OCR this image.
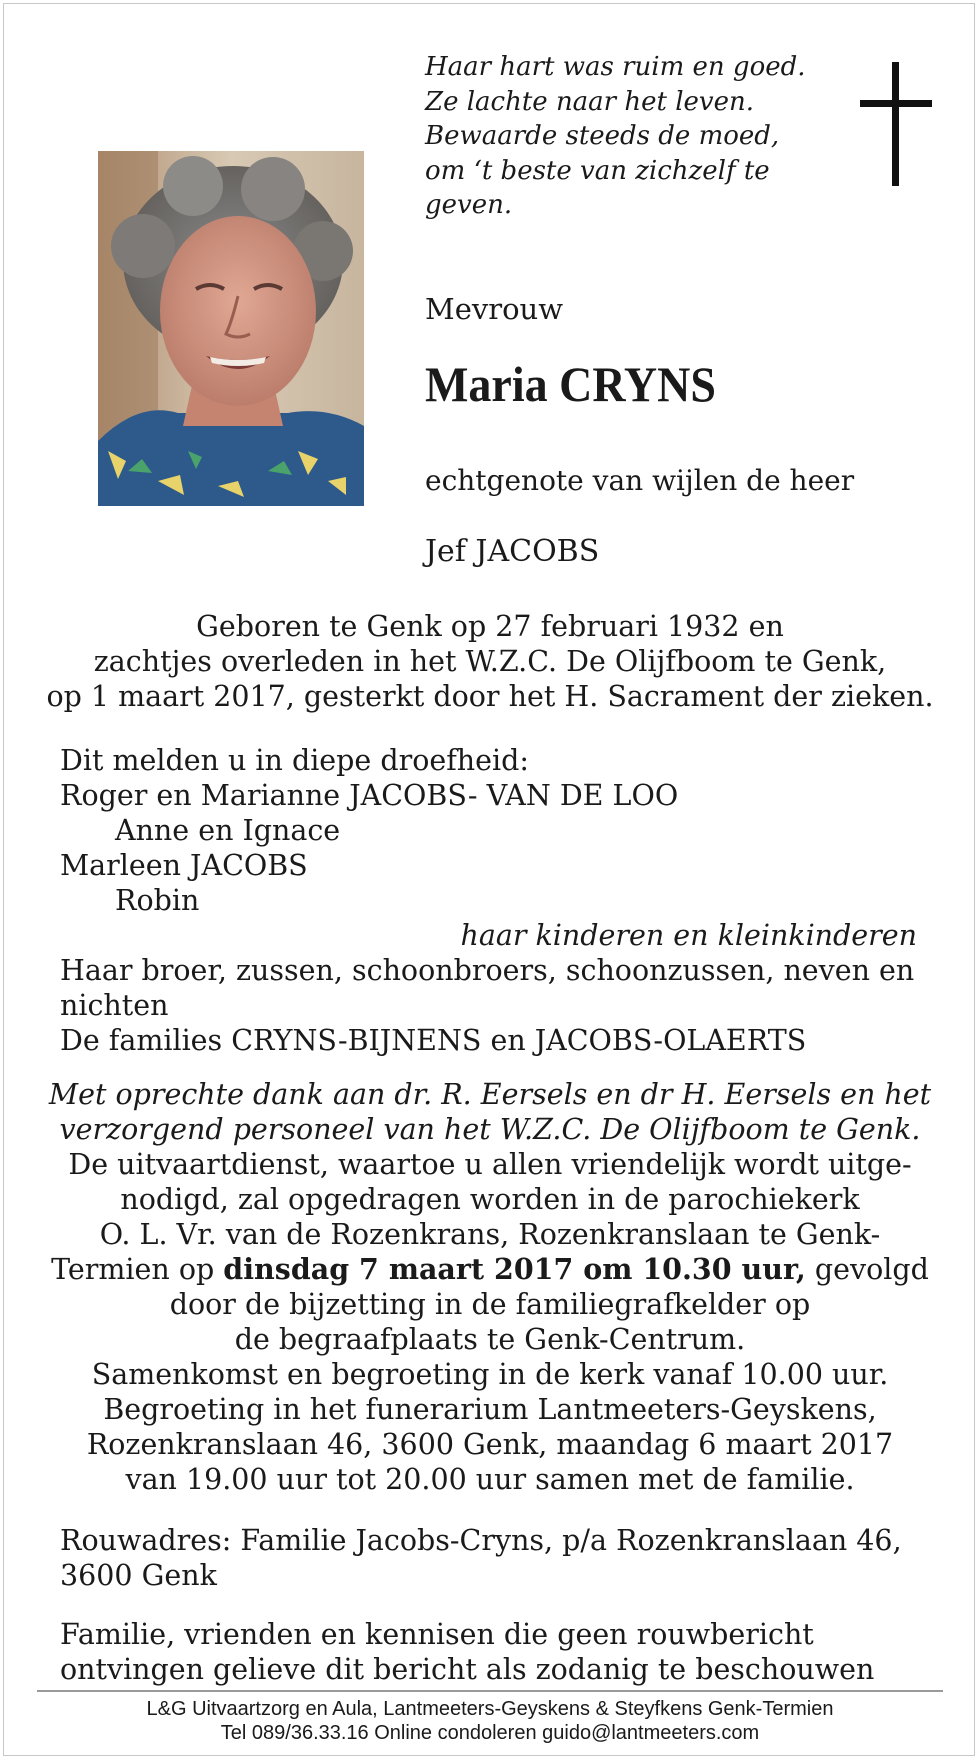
Haar hart was ruim en goed.
Ze lachte naar het leven.
Bewaarde steeds de moed,
om ‘t beste van zichzelf te
geven.
Mevrouw
Maria CRYNS
echtgenote van wijlen de heer
Jef JACOBS
Geboren te Genk op 27 februari 1932 en
zachtjes overleden in het W.Z.C. De Olijfboom te Genk,
op 1 maart 2017, gesterkt door het H. Sacrament der zieken.
Dit melden u in diepe droefheid:
Roger en Marianne JACOBS- VAN DE LOO
Anne en Ignace
Marleen JACOBS
Robin
haar kinderen en kleinkinderen
Haar broer, zussen, schoonbroers, schoonzussen, neven en
nichten
De families CRYNS-BIJNENS en JACOBS-OLAERTS
Met oprechte dank aan dr. R. Eersels en dr H. Eersels en het
verzorgend personeel van het W.Z.C. De Olijfboom te Genk.
De uitvaartdienst, waartoe u allen vriendelijk wordt uitge-
nodigd, zal opgedragen worden in de parochiekerk
O. L. Vr. van de Rozenkrans, Rozenkranslaan te Genk-
Termien op dinsdag 7 maart 2017 om 10.30 uur, gevolgd
door de bijzetting in de familiegrafkelder op
de begraafplaats te Genk-Centrum.
Samenkomst en begroeting in de kerk vanaf 10.00 uur.
Begroeting in het funerarium Lantmeeters-Geyskens,
Rozenkranslaan 46, 3600 Genk, maandag 6 maart 2017
van 19.00 uur tot 20.00 uur samen met de familie.
Rouwadres: Familie Jacobs-Cryns, p/a Rozenkranslaan 46,
3600 Genk
Familie, vrienden en kennisen die geen rouwbericht
ontvingen gelieve dit bericht als zodanig te beschouwen
L&G Uitvaartzorg en Aula, Lantmeeters-Geyskens & Steyfkens Genk-Termien
Tel 089/36.33.16 Online condoleren guido@lantmeeters.com
